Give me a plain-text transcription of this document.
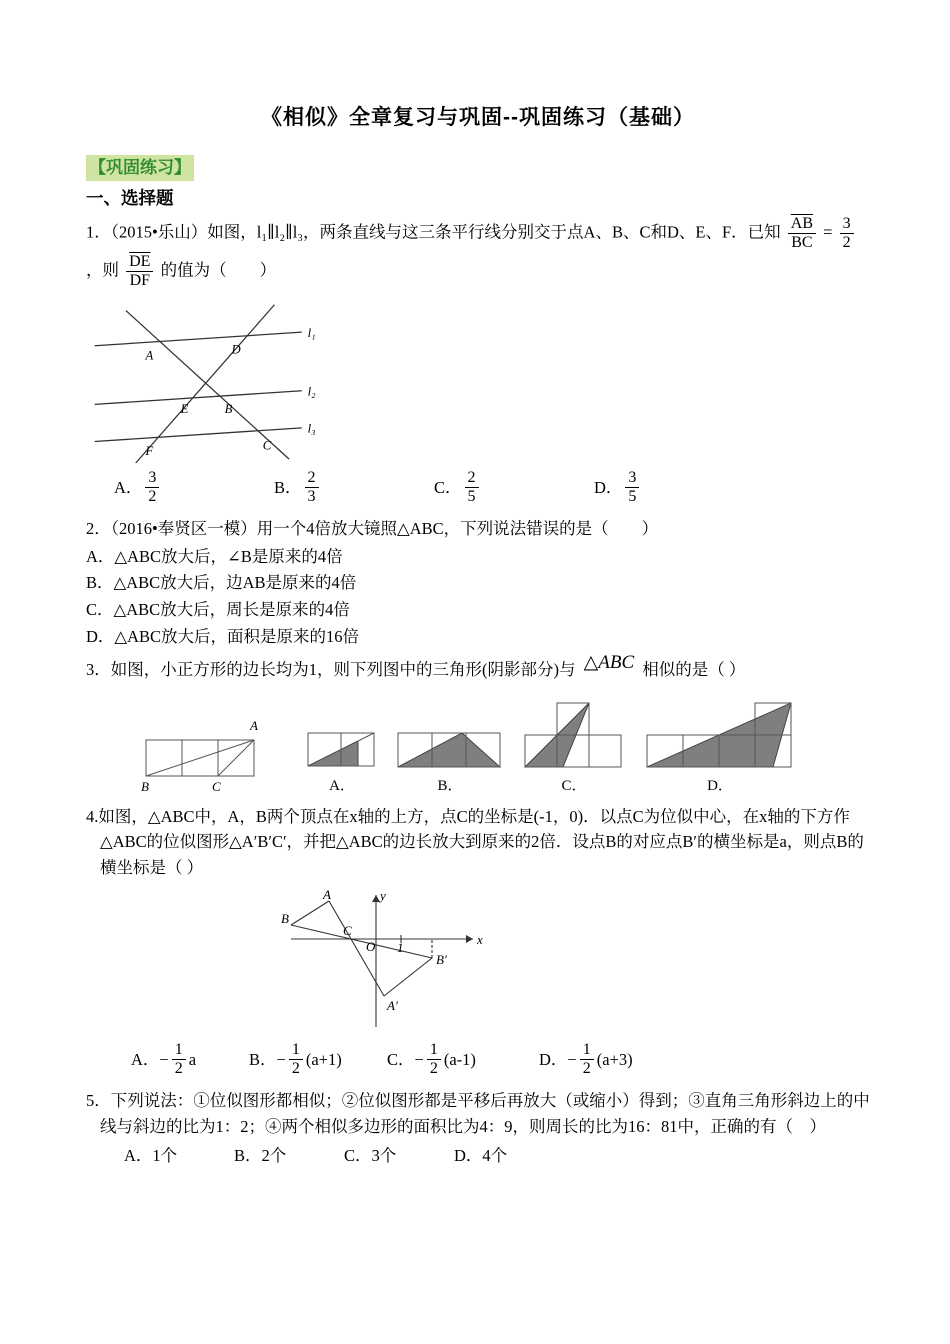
《相似》全章复习与巩固--巩固练习（基础）
【巩固练习】
一、选择题

1．（2015•乐山）如图，l₁∥l₂∥l₃，两条直线与这三条平行线分别交于点A、B、C和D、E、F．已知 $\frac{\overline{AB}}{BC} = \frac{3}{2}$
，则 $\frac{\overline{DE}}{DF}$ 的值为（　　）

A	D
E	B
F	C
l₁
l₂
l₃
A． $\frac{3}{2}$	B． $\frac{2}{3}$	C． $\frac{2}{5}$	D． $\frac{3}{5}$

2．（2016•奉贤区一模）用一个4倍放大镜照△ABC，下列说法错误的是（　　）

A．△ABC放大后，∠B是原来的4倍
B．△ABC放大后，边AB是原来的4倍
C．△ABC放大后，周长是原来的4倍
D．△ABC放大后，面积是原来的16倍

3．如图，小正方形的边长均为1，则下列图中的三角形(阴影部分)与 △ABC 相似的是（ ）

A
B	C	A．	B．	C．	D．

4.如图，△ABC中，A，B两个顶点在x轴的上方，点C的坐标是(-1，0)．以点C为位似中心，在x轴的下方作△ABC的位似图形△A′B′C′，并把△ABC的边长放大到原来的2倍．设点B的对应点B′的横坐标是a，则点B的横坐标是（ ）

y
x
O 1
C
A
B
B′
A′
A． − $\frac{1}{2}$ a	B． − $\frac{1}{2} (a+1)$	C． − $\frac{1}{2} (a-1)$	D． − $\frac{1}{2} (a+3)$

5．下列说法：①位似图形都相似；②位似图形都是平移后再放大（或缩小）得到；③直角三角形斜边上的中线与斜边的比为1：2；④两个相似多边形的面积比为4：9，则周长的比为16：81中，正确的有（　）

A．1个	B．2个	C．3个	D．4个
